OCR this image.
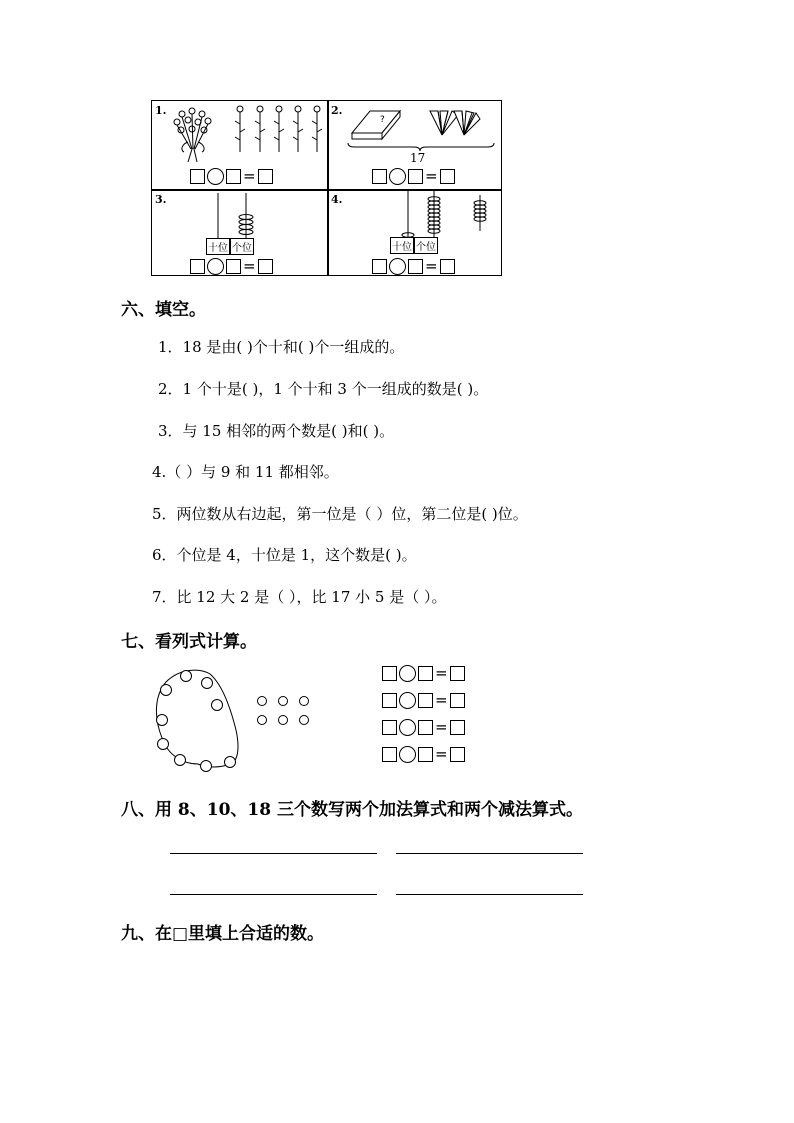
1.
=
2.
?
17
=
3.
十位 个位
=
4.
十位 个位
=
六、填空。
1．18 是由( )个十和( )个一组成的。
2．1 个十是( )，1 个十和 3 个一组成的数是( )。
3．与 15 相邻的两个数是( )和( )。
4.（ ）与 9 和 11 都相邻。
5．两位数从右边起，第一位是（ ）位，第二位是( )位。
6．个位是 4，十位是 1，这个数是( )。
7．比 12 大 2 是（ ），比 17 小 5 是（ ）。
七、看列式计算。
=
=
=
=
八、用 8、10、18 三个数写两个加法算式和两个减法算式。
九、在□里填上合适的数。
